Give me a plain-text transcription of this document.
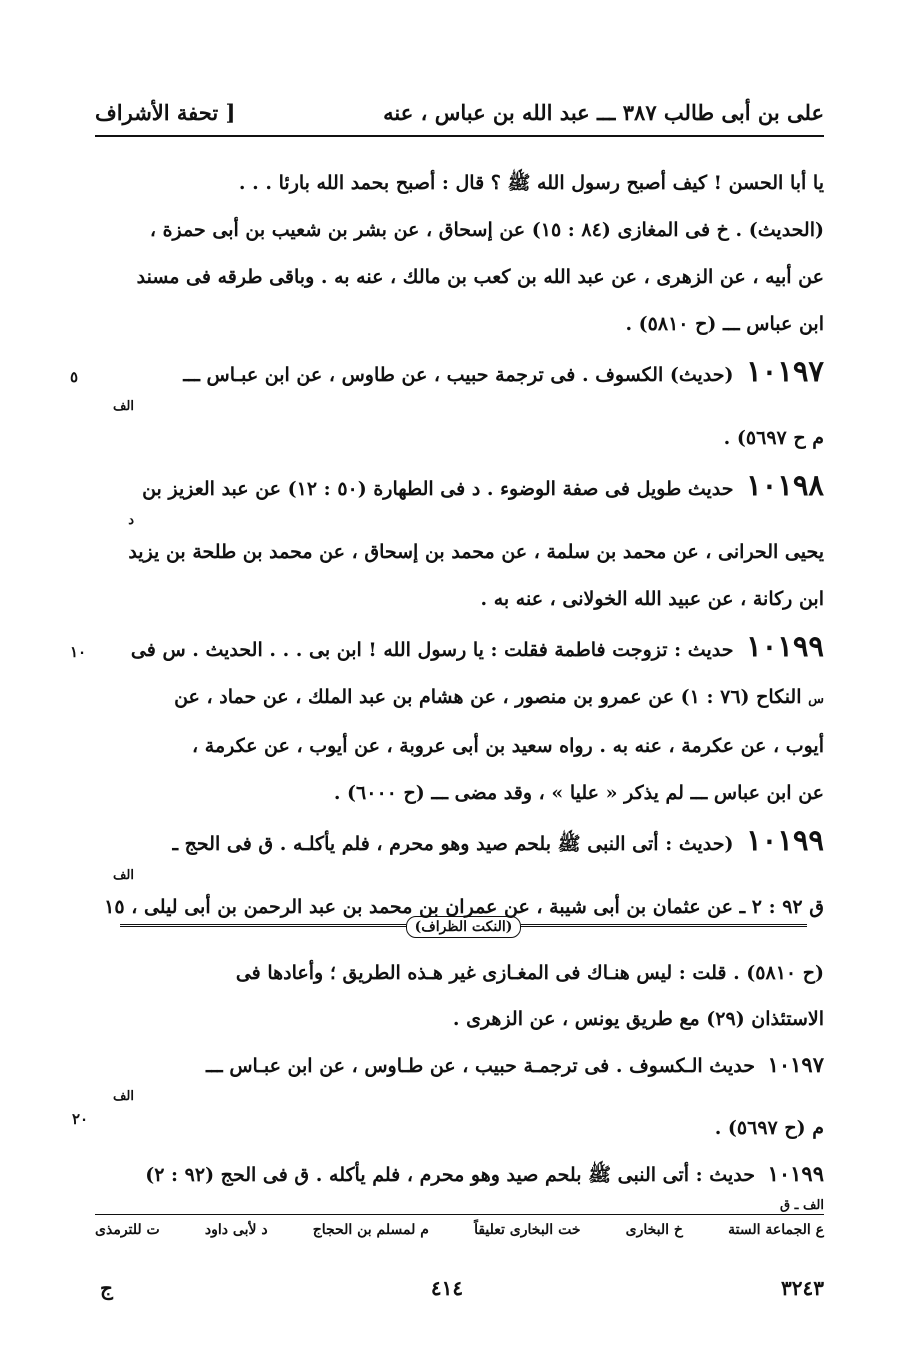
على بن أبى طالب ٣٨٧ ـــ عبد الله بن عباس ، عنه
[ تحفة الأشراف
يا أبا الحسن ! كيف أصبح رسول الله ﷺ ؟ قال : أصبح بحمد الله بارئا . . .
(الحديث) . خ فى المغازى (٨٤ : ١٥) عن إسحاق ، عن بشر بن شعيب بن أبى حمزة ،
عن أبيه ، عن الزهرى ، عن عبد الله بن كعب بن مالك ، عنه به . وباقى طرقه فى مسند
ابن عباس ـــ (ح ٥٨١٠) .
١٠١٩٧ (حديث) الكسوف . فى ترجمة حبيب ، عن طاوس ، عن ابن عبـاس ـــ
الف
م ح ٥٦٩٧) .
٥
١٠١٩٨ حديث طويل فى صفة الوضوء . د فى الطهارة (٥٠ : ١٢) عن عبد العزيز بن
د
يحيى الحرانى ، عن محمد بن سلمة ، عن محمد بن إسحاق ، عن محمد بن طلحة بن يزيد
ابن ركانة ، عن عبيد الله الخولانى ، عنه به .
١٠١٩٩ حديث : تزوجت فاطمة فقلت : يا رسول الله ! ابن بى . . . الحديث . س فى
س النكاح (٧٦ : ١) عن عمرو بن منصور ، عن هشام بن عبد الملك ، عن حماد ، عن
أيوب ، عن عكرمة ، عنه به . رواه سعيد بن أبى عروبة ، عن أيوب ، عن عكرمة ،
عن ابن عباس ـــ لم يذكر « عليا » ، وقد مضى ـــ (ح ٦٠٠٠) .
١٠
١٠١٩٩ (حديث : أتى النبى ﷺ بلحم صيد وهو محرم ، فلم يأكلـه . ق فى الحج ـ
الف
ق ٩٢ : ٢ ـ عن عثمان بن أبى شيبة ، عن عمران بن محمد بن عبد الرحمن بن أبى ليلى ، ١٥
(النكت الظراف)
(ح ٥٨١٠) . قلت : ليس هنـاك فى المغـازى غير هـذه الطريق ؛ وأعادها فى
الاستئذان (٢٩) مع طريق يونس ، عن الزهرى .
١٠١٩٧ حديث الـكسوف . فى ترجمـة حبيب ، عن طـاوس ، عن ابن عبـاس ـــ
الف
م (ح ٥٦٩٧) .
١٠١٩٩ حديث : أتى النبى ﷺ بلحم صيد وهو محرم ، فلم يأكله . ق فى الحج (٩٢ : ٢)
الف ـ ق
٢٠
ع الجماعة الستة
خ البخارى
خت البخارى تعليقاً
م لمسلم بن الحجاج
د لأبى داود
ت للترمذى
٣٢٤٣
٤١٤
ج
